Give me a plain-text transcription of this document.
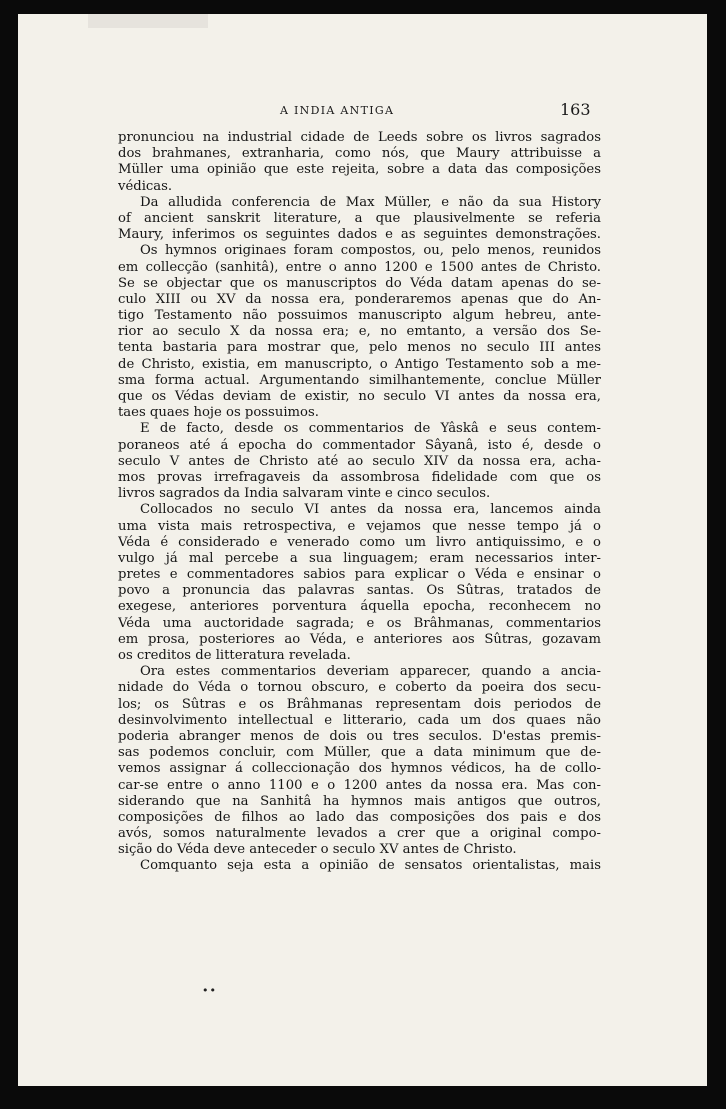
A INDIA ANTIGA	163
pronunciou na industrial cidade de Leeds sobre os livros sagrados
dos brahmanes, extranharia, como nós, que Maury attribuisse a
Müller uma opinião que este rejeita, sobre a data das composições
védicas.
Da alludida conferencia de Max Müller, e não da sua History
of ancient sanskrit literature, a que plausivelmente se referia
Maury, inferimos os seguintes dados e as seguintes demonstrações.
Os hymnos originaes foram compostos, ou, pelo menos, reunidos
em collecção (sanhitâ), entre o anno 1200 e 1500 antes de Christo.
Se se objectar que os manuscriptos do Véda datam apenas do se-
culo XIII ou XV da nossa era, ponderaremos apenas que do An-
tigo Testamento não possuimos manuscripto algum hebreu, ante-
rior ao seculo X da nossa era; e, no emtanto, a versão dos Se-
tenta bastaria para mostrar que, pelo menos no seculo III antes
de Christo, existia, em manuscripto, o Antigo Testamento sob a me-
sma forma actual. Argumentando similhantemente, conclue Müller
que os Védas deviam de existir, no seculo VI antes da nossa era,
taes quaes hoje os possuimos.
E de facto, desde os commentarios de Yâskâ e seus contem-
poraneos até á epocha do commentador Sâyanâ, isto é, desde o
seculo V antes de Christo até ao seculo XIV da nossa era, acha-
mos provas irrefragaveis da assombrosa fidelidade com que os
livros sagrados da India salvaram vinte e cinco seculos.
Collocados no seculo VI antes da nossa era, lancemos ainda
uma vista mais retrospectiva, e vejamos que nesse tempo já o
Véda é considerado e venerado como um livro antiquissimo, e o
vulgo já mal percebe a sua linguagem; eram necessarios inter-
pretes e commentadores sabios para explicar o Véda e ensinar o
povo a pronuncia das palavras santas. Os Sûtras, tratados de
exegese, anteriores porventura áquella epocha, reconhecem no
Véda uma auctoridade sagrada; e os Brâhmanas, commentarios
em prosa, posteriores ao Véda, e anteriores aos Sûtras, gozavam
os creditos de litteratura revelada.
Ora estes commentarios deveriam apparecer, quando a ancia-
nidade do Véda o tornou obscuro, e coberto da poeira dos secu-
los; os Sûtras e os Brâhmanas representam dois periodos de
desinvolvimento intellectual e litterario, cada um dos quaes não
poderia abranger menos de dois ou tres seculos. D'estas premis-
sas podemos concluir, com Müller, que a data minimum que de-
vemos assignar á colleccionação dos hymnos védicos, ha de collo-
car-se entre o anno 1100 e o 1200 antes da nossa era. Mas con-
siderando que na Sanhitâ ha hymnos mais antigos que outros,
composições de filhos ao lado das composições dos pais e dos
avós, somos naturalmente levados a crer que a original compo-
sição do Véda deve anteceder o seculo XV antes de Christo.
Comquanto seja esta a opinião de sensatos orientalistas, mais
••
